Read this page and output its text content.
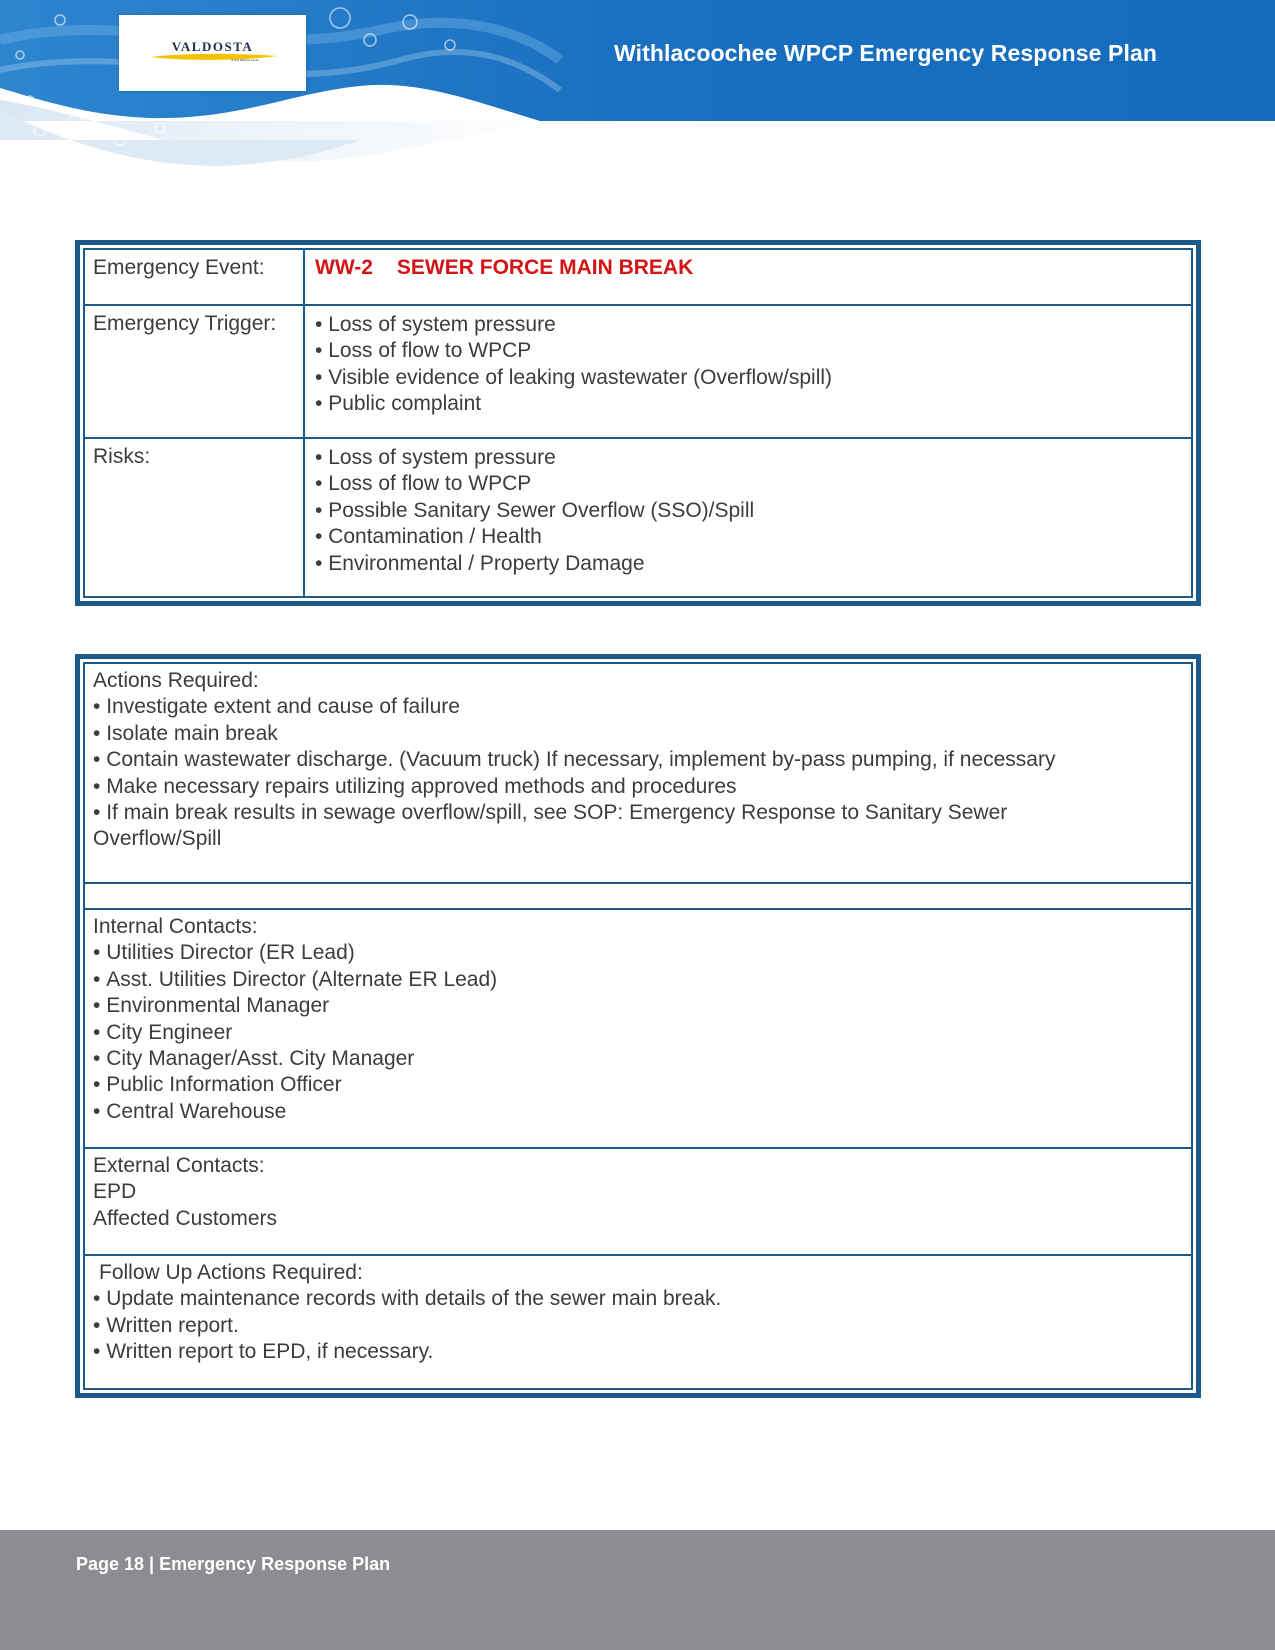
VALDOSTA
A City Without Limits	Withlacoochee WPCP Emergency Response Plan
Emergency Event:	WW-2 SEWER FORCE MAIN BREAK
Emergency Trigger:	• Loss of system pressure
• Loss of flow to WPCP
• Visible evidence of leaking wastewater (Overflow/spill)
• Public complaint
Risks:	• Loss of system pressure
• Loss of flow to WPCP
• Possible Sanitary Sewer Overflow (SSO)/Spill
• Contamination / Health
• Environmental / Property Damage
Actions Required:
• Investigate extent and cause of failure
• Isolate main break
• Contain wastewater discharge. (Vacuum truck) If necessary, implement by-pass pumping, if necessary
• Make necessary repairs utilizing approved methods and procedures
• If main break results in sewage overflow/spill, see SOP: Emergency Response to Sanitary Sewer Overflow/Spill
Internal Contacts:
• Utilities Director (ER Lead)
• Asst. Utilities Director (Alternate ER Lead)
• Environmental Manager
• City Engineer
• City Manager/Asst. City Manager
• Public Information Officer
• Central Warehouse
External Contacts:
EPD
Affected Customers
Follow Up Actions Required:
• Update maintenance records with details of the sewer main break.
• Written report.
• Written report to EPD, if necessary.
Page 18 | Emergency Response Plan
